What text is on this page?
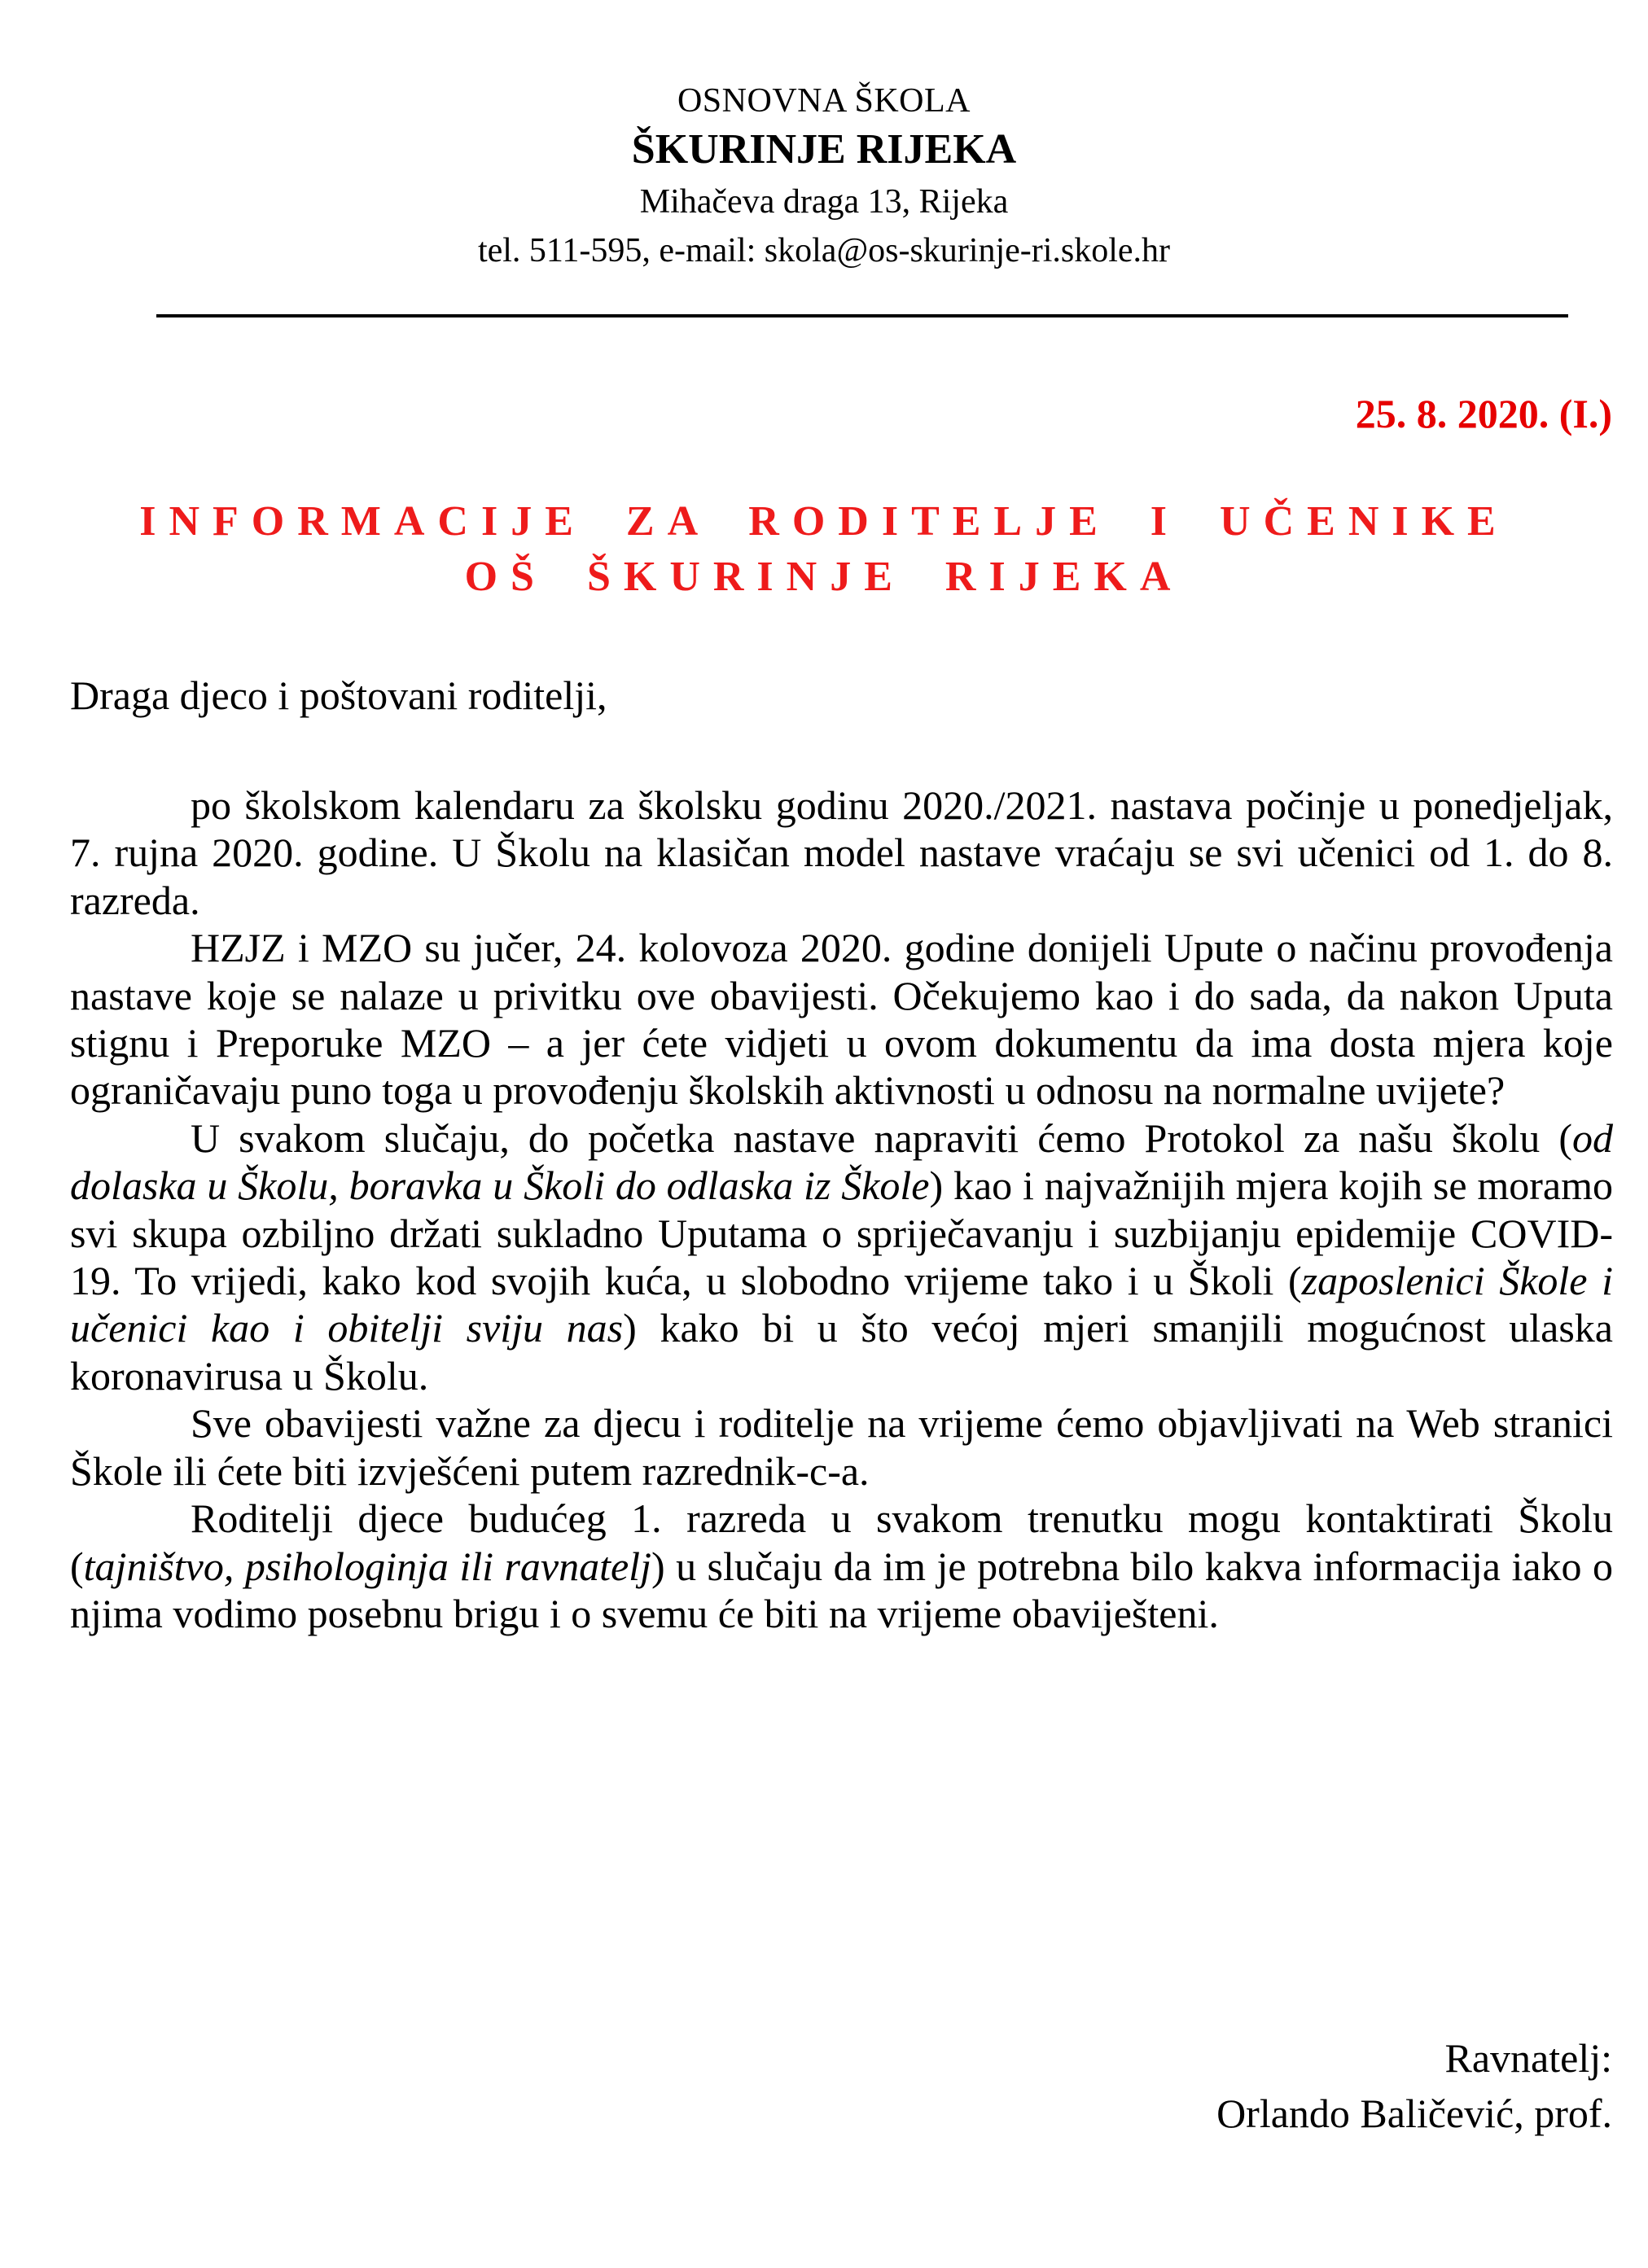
OSNOVNA ŠKOLA
ŠKURINJE RIJEKA
Mihačeva draga 13, Rijeka
tel. 511-595, e-mail: skola@os-skurinje-ri.skole.hr
25. 8. 2020. (I.)
INFORMACIJE ZA RODITELJE I UČENIKE
OŠ ŠKURINJE RIJEKA
Draga djeco i poštovani roditelji,

po školskom kalendaru za školsku godinu 2020./2021. nastava počinje u ponedjeljak, 7. rujna 2020. godine. U Školu na klasičan model nastave vraćaju se svi učenici od 1. do 8. razreda.

HZJZ i MZO su jučer, 24. kolovoza 2020. godine donijeli Upute o načinu provođenja nastave koje se nalaze u privitku ove obavijesti. Očekujemo kao i do sada, da nakon Uputa stignu i Preporuke MZO – a jer ćete vidjeti u ovom dokumentu da ima dosta mjera koje ograničavaju puno toga u provođenju školskih aktivnosti u odnosu na normalne uvijete?

U svakom slučaju, do početka nastave napraviti ćemo Protokol za našu školu (od dolaska u Školu, boravka u Školi do odlaska iz Škole) kao i najvažnijih mjera kojih se moramo svi skupa ozbiljno držati sukladno Uputama o spriječavanju i suzbijanju epidemije COVID-19. To vrijedi, kako kod svojih kuća, u slobodno vrijeme tako i u Školi (zaposlenici Škole i učenici kao i obitelji sviju nas) kako bi u što većoj mjeri smanjili mogućnost ulaska koronavirusa u Školu.

Sve obavijesti važne za djecu i roditelje na vrijeme ćemo objavljivati na Web stranici Škole ili ćete biti izvješćeni putem razrednik-c-a.

Roditelji djece budućeg 1. razreda u svakom trenutku mogu kontaktirati Školu (tajništvo, psihologinja ili ravnatelj) u slučaju da im je potrebna bilo kakva informacija iako o njima vodimo posebnu brigu i o svemu će biti na vrijeme obaviješteni.

Ravnatelj:
Orlando Baličević, prof.
